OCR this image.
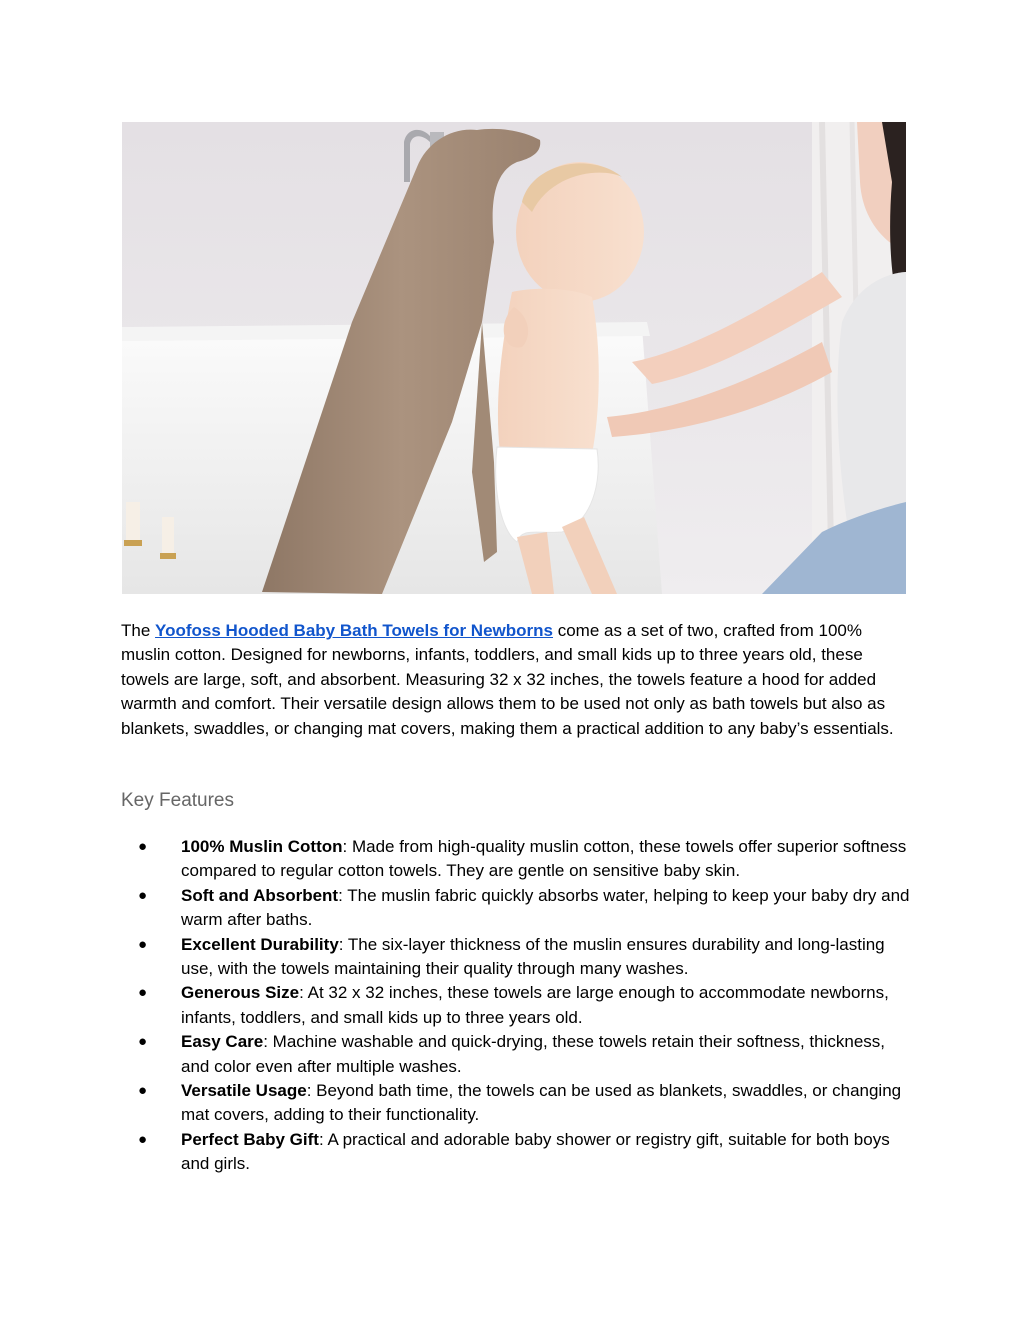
The Yoofoss Hooded Baby Bath Towels for Newborns come as a set of two, crafted from 100% muslin cotton. Designed for newborns, infants, toddlers, and small kids up to three years old, these towels are large, soft, and absorbent. Measuring 32 x 32 inches, the towels feature a hood for added warmth and comfort. Their versatile design allows them to be used not only as bath towels but also as blankets, swaddles, or changing mat covers, making them a practical addition to any baby’s essentials.

Key Features
● 100% Muslin Cotton: Made from high-quality muslin cotton, these towels offer superior softness compared to regular cotton towels. They are gentle on sensitive baby skin.
● Soft and Absorbent: The muslin fabric quickly absorbs water, helping to keep your baby dry and warm after baths.
● Excellent Durability: The six-layer thickness of the muslin ensures durability and long-lasting use, with the towels maintaining their quality through many washes.
● Generous Size: At 32 x 32 inches, these towels are large enough to accommodate newborns, infants, toddlers, and small kids up to three years old.
● Easy Care: Machine washable and quick-drying, these towels retain their softness, thickness, and color even after multiple washes.
● Versatile Usage: Beyond bath time, the towels can be used as blankets, swaddles, or changing mat covers, adding to their functionality.
● Perfect Baby Gift: A practical and adorable baby shower or registry gift, suitable for both boys and girls.
